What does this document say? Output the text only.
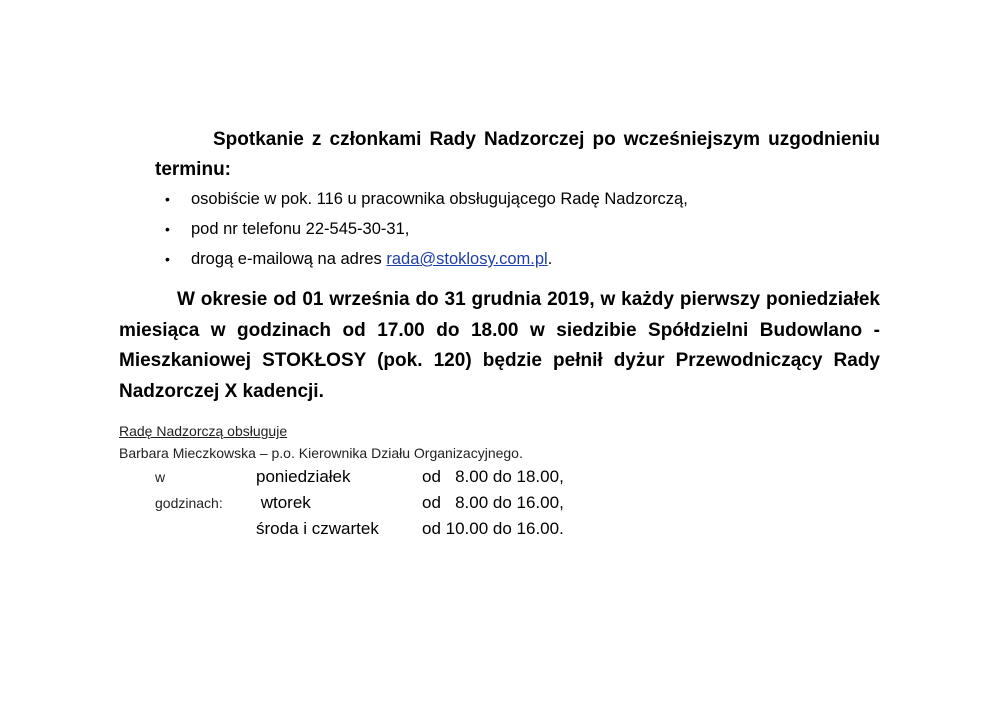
Spotkanie z członkami Rady Nadzorczej po wcześniejszym uzgodnieniu terminu:

• osobiście w pok. 116 u pracownika obsługującego Radę Nadzorczą,
• pod nr telefonu 22-545-30-31,
• drogą e-mailową na adres rada@stoklosy.com.pl.

W okresie od 01 września do 31 grudnia 2019, w każdy pierwszy poniedziałek miesiąca w godzinach od 17.00 do 18.00 w siedzibie Spółdzielni Budowlano - Mieszkaniowej STOKŁOSY (pok. 120) będzie pełnił dyżur Przewodniczący Rady Nadzorczej X kadencji.

Radę Nadzorczą obsługuje
Barbara Mieczkowska – p.o. Kierownika Działu Organizacyjnego.
w godzinach:
poniedziałek	od   8.00 do 18.00,
wtorek	od   8.00 do 16.00,
środa i czwartek	od 10.00 do 16.00.
